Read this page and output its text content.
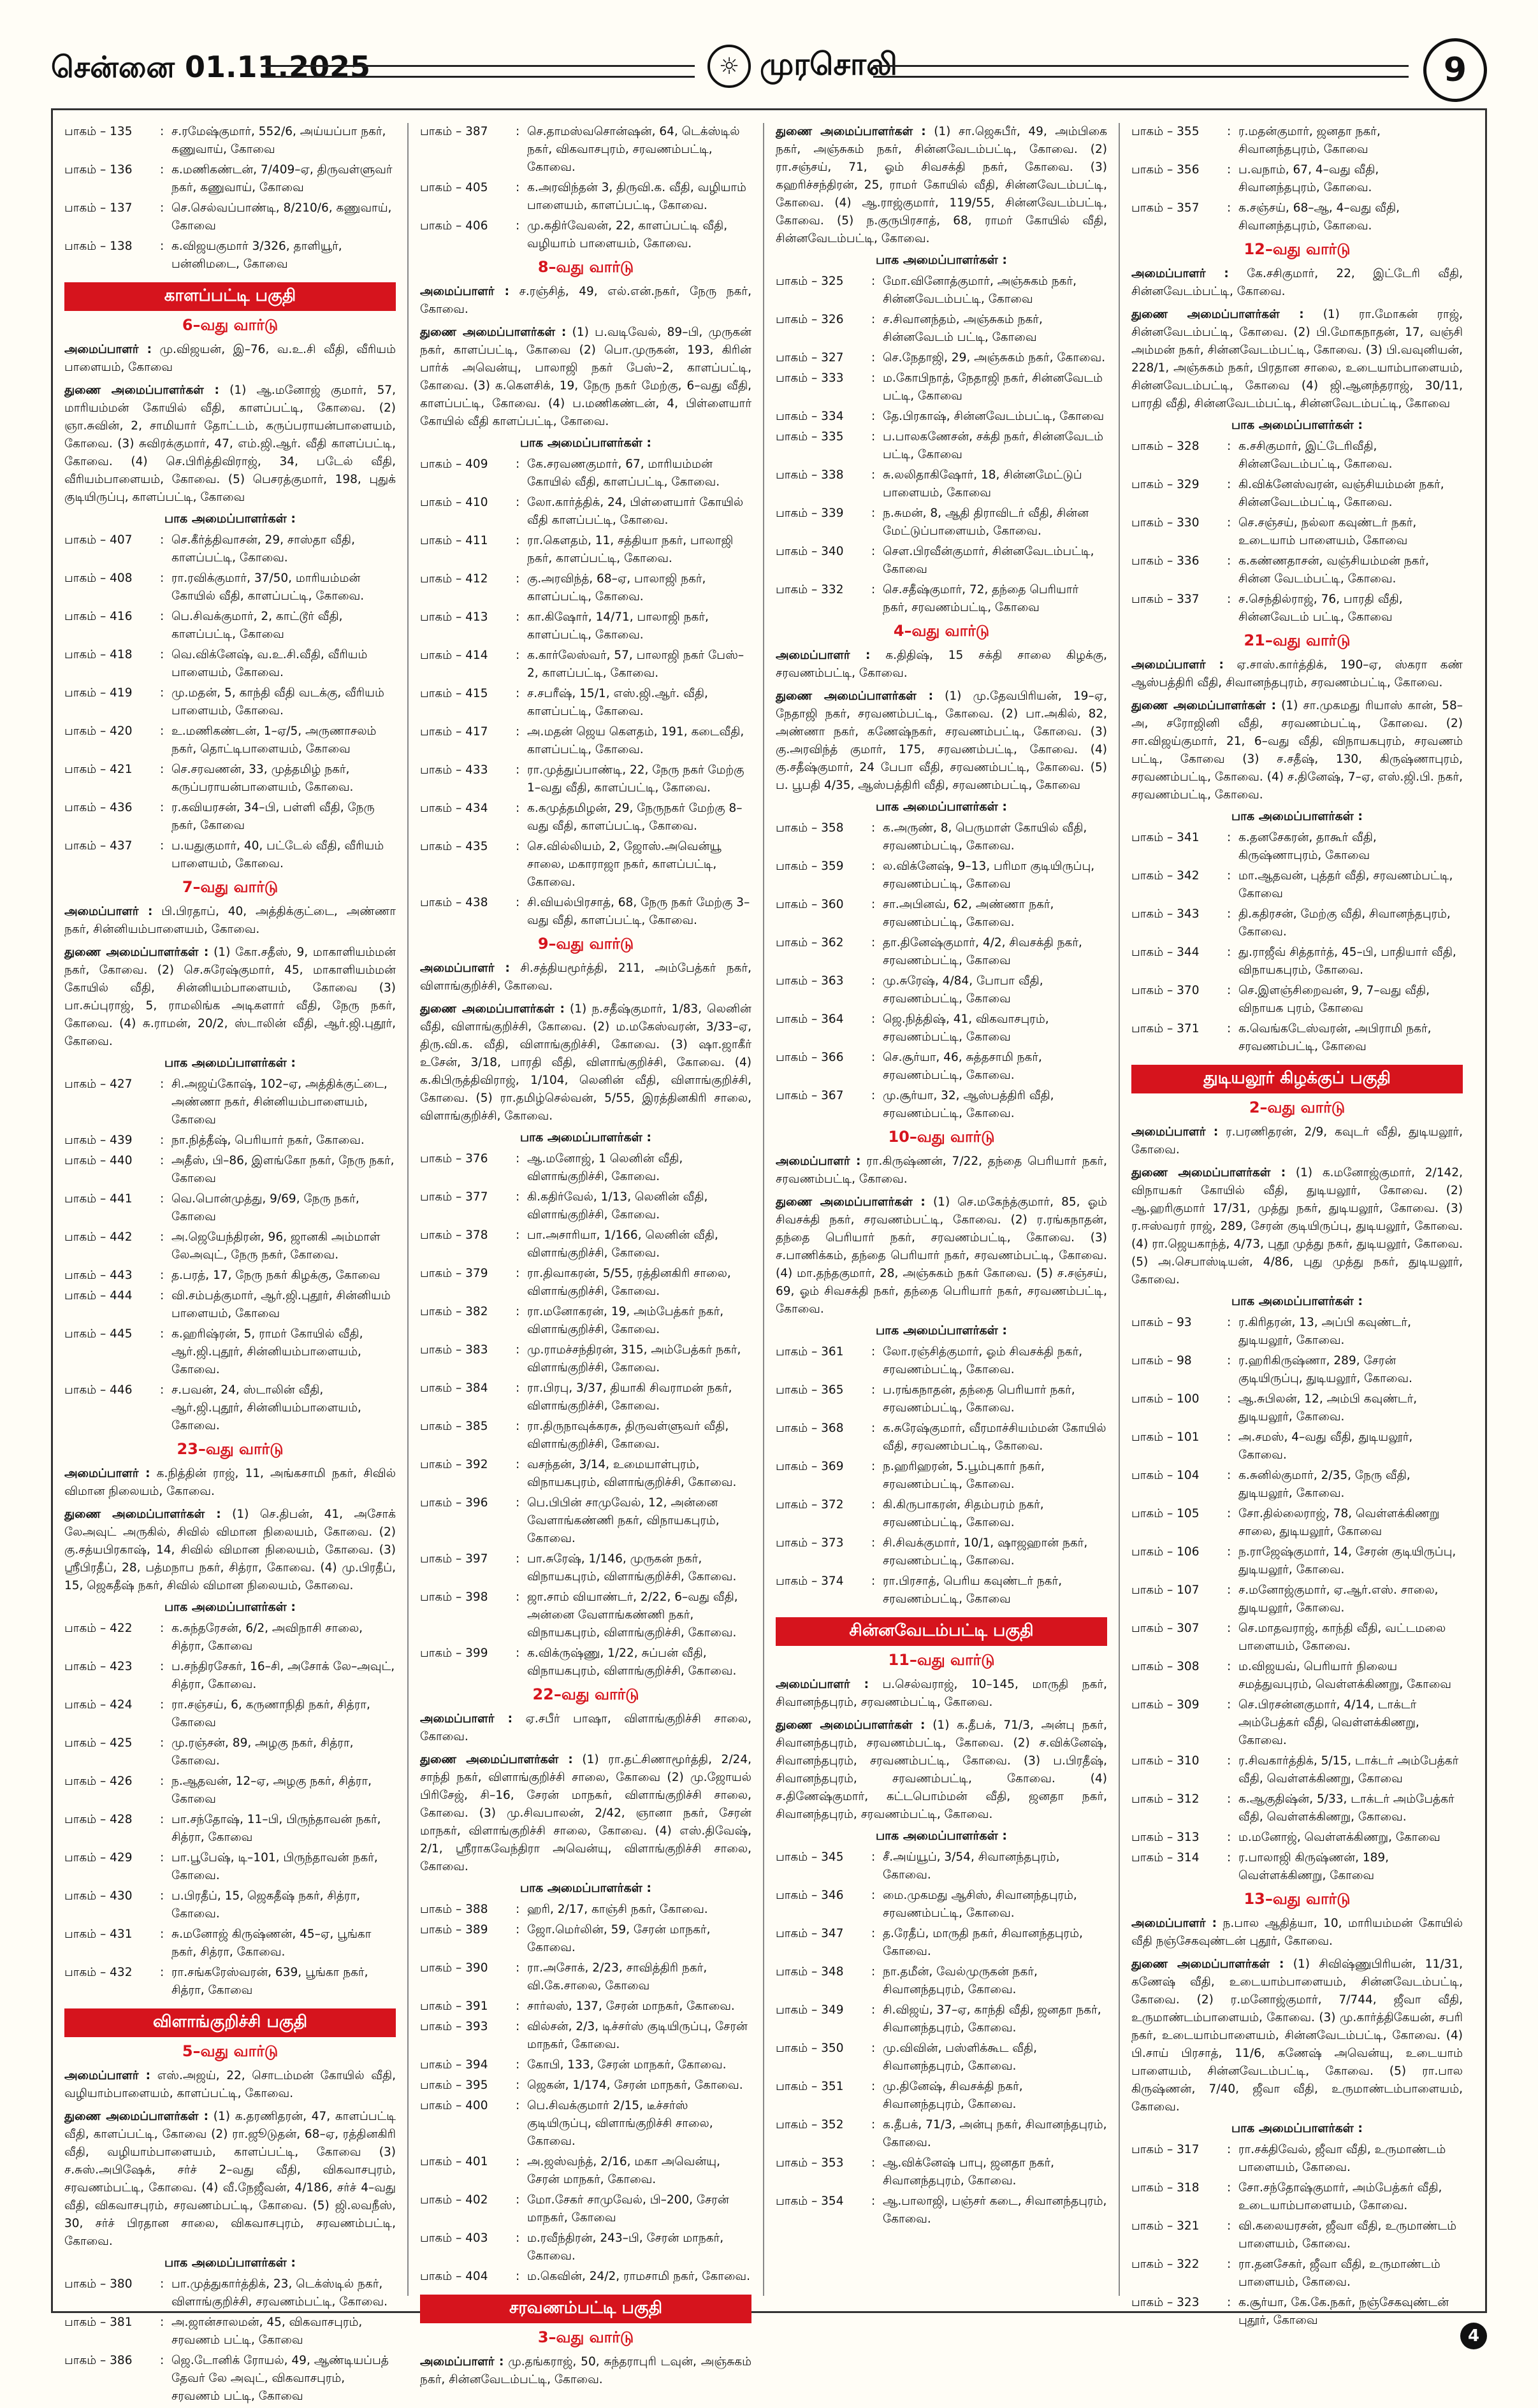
சென்னை 01.11.2025	☼ முரசொலி	9
பாகம் – 135	: ச.ரமேஷ்குமார், 552/6, அய்யப்பா நகர், கணுவாய், கோவை
பாகம் – 136	: க.மணிகண்டன், 7/409–ஏ, திருவள்ளுவர் நகர், கணுவாய், கோவை
பாகம் – 137	: செ.செல்வப்பாண்டி, 8/210/6, கணுவாய், கோவை
பாகம் – 138	: க.விஜயகுமார் 3/326, தாளியூர், பன்னிமடை, கோவை
காளப்பட்டி பகுதி
6–வது வார்டு
அமைப்பாளர் : மு.விஜயன், இ–76, வ.உ.சி வீதி, வீரியம் பாளையம், கோவை
துணை அமைப்பாளர்கள் : (1) ஆ.மனோஜ் குமார், 57, மாரியம்மன் கோயில் வீதி, காளப்பட்டி, கோவை. (2) ஞா.சுவின், 2, சாமியார் தோட்டம், கருப்பராயன்பாளையம், கோவை. (3) சுவிரக்குமார், 47, எம்.ஜி.ஆர். வீதி காளப்பட்டி, கோவை. (4) செ.பிரித்திவிராஜ், 34, படேல் வீதி, வீரியம்பாளையம், கோவை. (5) பெசரத்குமார், 198, புதுக் குடியிருப்பு, காளப்பட்டி, கோவை
பாக அமைப்பாளர்கள் :
பாகம் – 407	: செ.கீர்த்திவாசன், 29, சாஸ்தா வீதி, காளப்பட்டி, கோவை.
பாகம் – 408	: ரா.ரவிக்குமார், 37/50, மாரியம்மன் கோயில் வீதி, காளப்பட்டி, கோவை.
பாகம் – 416	: பெ.சிவக்குமார், 2, காட்டூர் வீதி, காளப்பட்டி, கோவை
பாகம் – 418	: வெ.விக்னேஷ், வ.உ.சி.வீதி, வீரியம் பாளையம், கோவை.
பாகம் – 419	: மு.மதன், 5, காந்தி வீதி வடக்கு, வீரியம் பாளையம், கோவை.
பாகம் – 420	: உ.மணிகண்டன், 1–ஏ/5, அருணாசலம் நகர், தொட்டிபாளையம், கோவை
பாகம் – 421	: செ.சரவணன், 33, முத்தமிழ் நகர், கருப்பராயன்பாளையம், கோவை.
பாகம் – 436	: ர.கவியரசன், 34–பி, பள்ளி வீதி, நேரு நகர், கோவை
பாகம் – 437	: ப.யதுகுமார், 40, பட்டேல் வீதி, வீரியம் பாளையம், கோவை.
7–வது வார்டு
அமைப்பாளர் : பி.பிரதாப், 40, அத்திக்குட்டை, அண்ணா நகர், சின்னியம்பாளையம், கோவை.
துணை அமைப்பாளர்கள் : (1) கோ.சதீஸ், 9, மாகாளியம்மன் நகர், கோவை. (2) செ.சுரேஷ்குமார், 45, மாகாளியம்மன் கோயில் வீதி, சின்னியம்பாளையம், கோவை (3) பா.சுப்புராஜ், 5, ராமலிங்க அடிகளார் வீதி, நேரு நகர், கோவை. (4) சு.ராமன், 20/2, ஸ்டாலின் வீதி, ஆர்.ஜி.புதூர், கோவை.
பாக அமைப்பாளர்கள் :
பாகம் – 427	: சி.அஜய்கோஷ், 102–ஏ, அத்திக்குட்டை, அண்ணா நகர், சின்னியம்பாளையம், கோவை
பாகம் – 439	: நா.நித்தீஷ், பெரியார் நகர், கோவை.
பாகம் – 440	: அதீஸ், பி–86, இளங்கோ நகர், நேரு நகர், கோவை
பாகம் – 441	: வெ.பொன்முத்து, 9/69, நேரு நகர், கோவை
பாகம் – 442	: அ.ஜெயேந்திரன், 96, ஜானகி அம்மாள் லேஅவுட், நேரு நகர், கோவை.
பாகம் – 443	: த.பரத், 17, நேரு நகர் கிழக்கு, கோவை
பாகம் – 444	: வி.சம்பத்குமார், ஆர்.ஜி.புதூர், சின்னியம் பாளையம், கோவை
பாகம் – 445	: க.ஹரிஷ்ரன், 5, ராமர் கோயில் வீதி, ஆர்.ஜி.புதூர், சின்னியம்பாளையம், கோவை.
பாகம் – 446	: ச.பவன், 24, ஸ்டாலின் வீதி, ஆர்.ஜி.புதூர், சின்னியம்பாளையம், கோவை.
23–வது வார்டு
அமைப்பாளர் : க.நித்தின் ராஜ், 11, அங்கசாமி நகர், சிவில் விமான நிலையம், கோவை.
துணை அமைப்பாளர்கள் : (1) செ.திபன், 41, அசோக் லேஅவுட் அருகில், சிவில் விமான நிலையம், கோவை. (2) கு.சத்யபிரகாஷ், 14, சிவில் விமான நிலையம், கோவை. (3) ஸ்ரீபிரதீப், 28, பத்மநாப நகர், சித்ரா, கோவை. (4) மு.பிரதீப், 15, ஜெகதீஷ் நகர், சிவில் விமான நிலையம், கோவை.
பாக அமைப்பாளர்கள் :
பாகம் – 422	: க.சுந்தரேசன், 6/2, அவிநாசி சாலை, சித்ரா, கோவை
பாகம் – 423	: ப.சந்திரசேகர், 16–சி, அசோக் லே–அவுட், சித்ரா, கோவை.
பாகம் – 424	: ரா.சஞ்சய், 6, கருணாநிதி நகர், சித்ரா, கோவை
பாகம் – 425	: மு.ரஞ்சன், 89, அழகு நகர், சித்ரா, கோவை.
பாகம் – 426	: ந.ஆதவன், 12–ஏ, அழகு நகர், சித்ரா, கோவை
பாகம் – 428	: பா.சந்தோஷ், 11–பி, பிருந்தாவன் நகர், சித்ரா, கோவை
பாகம் – 429	: பா.பூபேஷ், டி–101, பிருந்தாவன் நகர், கோவை.
பாகம் – 430	: ப.பிரதீப், 15, ஜெகதீஷ் நகர், சித்ரா, கோவை.
பாகம் – 431	: சு.மனோஜ் கிருஷ்ணன், 45–ஏ, பூங்கா நகர், சித்ரா, கோவை.
பாகம் – 432	: ரா.சங்கரேஸ்வரன், 639, பூங்கா நகர், சித்ரா, கோவை
விளாங்குறிச்சி பகுதி
5–வது வார்டு
அமைப்பாளர் : எஸ்.அஜய், 22, சொடம்மன் கோயில் வீதி, வழியாம்பாளையம், காளப்பட்டி, கோவை.
துணை அமைப்பாளர்கள் : (1) க.தரணிதரன், 47, காளப்பட்டி வீதி, காளப்பட்டி, கோவை (2) ரா.ஜூடுதன், 68–ஏ, ரத்தினகிரி வீதி, வழியாம்பாளையம், காளப்பட்டி, கோவை (3) ச.சுஸ்.அபிஷேக், சர்ச் 2–வது வீதி, விகவாசபுரம், சரவணம்பட்டி, கோவை. (4) வீ.நேஜீவன், 4/186, சர்ச் 4–வது வீதி, விகவாசபுரம், சரவணம்பட்டி, கோவை. (5) ஜி.லவநீஸ், 30, சர்ச் பிரதான சாலை, விகவாசபுரம், சரவணம்பட்டி, கோவை.
பாக அமைப்பாளர்கள் :
பாகம் – 380	: பா.முத்துகார்த்திக், 23, டெக்ஸ்டில் நகர், விளாங்குறிச்சி, சரவணம்பட்டி, கோவை.
பாகம் – 381	: அ.ஜான்சாலமன், 45, விகவாசபுரம், சரவணம் பட்டி, கோவை
பாகம் – 386	: ஜெ.டோனிக் ரோயல், 49, ஆண்டியப்பத் தேவர் லே அவுட், விகவாசபுரம், சரவணம் பட்டி, கோவை
பாகம் – 387	: செ.தாமஸ்வசொன்ஷன், 64, டெக்ஸ்டில் நகர், விகவாசபுரம், சரவணம்பட்டி, கோவை.
பாகம் – 405	: க.அரவிந்தன் 3, திருவி.க. வீதி, வழியாம் பாளையம், காளப்பட்டி, கோவை.
பாகம் – 406	: மு.கதிர்வேலன், 22, காளப்பட்டி வீதி, வழியாம் பாளையம், கோவை.
8–வது வார்டு
அமைப்பாளர் : ச.ரஞ்சித், 49, எல்.என்.நகர், நேரு நகர், கோவை.
துணை அமைப்பாளர்கள் : (1) ப.வடிவேல், 89–பி, முருகன் நகர், காளப்பட்டி, கோவை (2) பொ.முருகன், 193, கிரின் பார்க் அவென்யு, பாலாஜி நகர் பேஸ்–2, காளப்பட்டி, கோவை. (3) க.கௌசிக், 19, நேரு நகர் மேற்கு, 6–வது வீதி, காளப்பட்டி, கோவை. (4) ப.மணிகண்டன், 4, பிள்ளையார் கோயில் வீதி காளப்பட்டி, கோவை.
பாக அமைப்பாளர்கள் :
பாகம் – 409	: கே.சரவணகுமார், 67, மாரியம்மன் கோயில் வீதி, காளப்பட்டி, கோவை.
பாகம் – 410	: லோ.கார்த்திக், 24, பிள்ளையார் கோயில் வீதி காளப்பட்டி, கோவை.
பாகம் – 411	: ரா.கௌதம், 11, சத்தியா நகர், பாலாஜி நகர், காளப்பட்டி, கோவை.
பாகம் – 412	: கு.அரவிந்த், 68–ஏ, பாலாஜி நகர், காளப்பட்டி, கோவை.
பாகம் – 413	: கா.கிஷோர், 14/71, பாலாஜி நகர், காளப்பட்டி, கோவை.
பாகம் – 414	: க.கார்லேஸ்வர், 57, பாலாஜி நகர் பேஸ்–2, காளப்பட்டி, கோவை.
பாகம் – 415	: ச.சபரீஷ், 15/1, எஸ்.ஜி.ஆர். வீதி, காளப்பட்டி, கோவை.
பாகம் – 417	: அ.மதன் ஜெய கௌதம், 191, கடைவீதி, காளப்பட்டி, கோவை.
பாகம் – 433	: ரா.முத்துப்பாண்டி, 22, நேரு நகர் மேற்கு 1–வது வீதி, காளப்பட்டி, கோவை.
பாகம் – 434	: க.கமுத்தமிழன், 29, நேருநகர் மேற்கு 8–வது வீதி, காளப்பட்டி, கோவை.
பாகம் – 435	: செ.வில்லியம், 2, ஜோஸ்.அவென்யூ சாலை, மகாராஜா நகர், காளப்பட்டி, கோவை.
பாகம் – 438	: சி.வியல்பிரசாத், 68, நேரு நகர் மேற்கு 3–வது வீதி, காளப்பட்டி, கோவை.
9–வது வார்டு
அமைப்பாளர் : சி.சத்தியமூர்த்தி, 211, அம்பேத்கர் நகர், விளாங்குறிச்சி, கோவை.
துணை அமைப்பாளர்கள் : (1) ந.சதீஷ்குமார், 1/83, லெனின் வீதி, விளாங்குறிச்சி, கோவை. (2) ம.மகேஸ்வரன், 3/33–ஏ, திரு.வி.க. வீதி, விளாங்குறிச்சி, கோவை. (3) ஷா.ஜாகீர் உசேன், 3/18, பாரதி வீதி, விளாங்குறிச்சி, கோவை. (4) க.கிபிருத்திவிராஜ், 1/104, லெனின் வீதி, விளாங்குறிச்சி, கோவை. (5) ரா.தமிழ்செல்வன், 5/55, இரத்தினகிரி சாலை, விளாங்குறிச்சி, கோவை.
பாக அமைப்பாளர்கள் :
பாகம் – 376	: ஆ.மனோஜ், 1 லெனின் வீதி, விளாங்குறிச்சி, கோவை.
பாகம் – 377	: கி.கதிர்வேல், 1/13, லெனின் வீதி, விளாங்குறிச்சி, கோவை.
பாகம் – 378	: பா.அசாரியா, 1/166, லெனின் வீதி, விளாங்குறிச்சி, கோவை.
பாகம் – 379	: ரா.திவாகரன், 5/55, ரத்தினகிரி சாலை, விளாங்குறிச்சி, கோவை.
பாகம் – 382	: ரா.மனோகரன், 19, அம்பேத்கர் நகர், விளாங்குறிச்சி, கோவை.
பாகம் – 383	: மு.ராமச்சந்திரன், 315, அம்பேத்கர் நகர், விளாங்குறிச்சி, கோவை.
பாகம் – 384	: ரா.பிரபு, 3/37, தியாகி சிவராமன் நகர், விளாங்குறிச்சி, கோவை.
பாகம் – 385	: ரா.திருநாவுக்கரசு, திருவள்ளுவர் வீதி, விளாங்குறிச்சி, கோவை.
பாகம் – 392	: வசந்தன், 3/14, உமையாள்புரம், விநாயகபுரம், விளாங்குறிச்சி, கோவை.
பாகம் – 396	: பெ.பிபின் சாமுவேல், 12, அன்னை வேளாங்கண்ணி நகர், விநாயகபுரம், கோவை.
பாகம் – 397	: பா.சுரேஷ், 1/146, முருகன் நகர், விநாயகபுரம், விளாங்குறிச்சி, கோவை.
பாகம் – 398	: ஜா.சாம் வியாண்டர், 2/22, 6–வது வீதி, அன்னை வேளாங்கண்ணி நகர், விநாயகபுரம், விளாங்குறிச்சி, கோவை.
பாகம் – 399	: க.விக்ருஷ்ணு, 1/22, சுப்பன் வீதி, விநாயகபுரம், விளாங்குறிச்சி, கோவை.
22–வது வார்டு
அமைப்பாளர் : ஏ.சபீர் பாஷா, விளாங்குறிச்சி சாலை, கோவை.
துணை அமைப்பாளர்கள் : (1) ரா.தட்சிணாமூர்த்தி, 2/24, சாந்தி நகர், விளாங்குறிச்சி சாலை, கோவை (2) மு.ஜோயல் பிரிசேஜ், சி–16, சேரன் மாநகர், விளாங்குறிச்சி சாலை, கோவை. (3) மு.சிவபாலன், 2/42, ஞானா நகர், சேரன் மாநகர், விளாங்குறிச்சி சாலை, கோவை. (4) எஸ்.திவேஷ், 2/1, ஸ்ரீராகவேந்திரா அவென்யு, விளாங்குறிச்சி சாலை, கோவை.
பாக அமைப்பாளர்கள் :
பாகம் – 388	: ஹரி, 2/17, காஞ்சி நகர், கோவை.
பாகம் – 389	: ஜோ.மெர்லின், 59, சேரன் மாநகர், கோவை.
பாகம் – 390	: ரா.அசோக், 2/23, சாவித்திரி நகர், வி.கே.சாலை, கோவை
பாகம் – 391	: சார்லஸ், 137, சேரன் மாநகர், கோவை.
பாகம் – 393	: வில்சன், 2/3, டிச்சர்ஸ் குடியிருப்பு, சேரன் மாநகர், கோவை.
பாகம் – 394	: கோபி, 133, சேரன் மாநகர், கோவை.
பாகம் – 395	: ஜெகன், 1/174, சேரன் மாநகர், கோவை.
பாகம் – 400	: பெ.சிவக்குமார் 2/15, டீச்சர்ஸ் குடியிருப்பு, விளாங்குறிச்சி சாலை, கோவை.
பாகம் – 401	: அ.ஜஸ்வந்த், 2/16, மகா அவென்யு, சேரன் மாநகர், கோவை.
பாகம் – 402	: மோ.சேகர் சாமுவேல், பி–200, சேரன் மாநகர், கோவை
பாகம் – 403	: ம.ரவீந்திரன், 243–பி, சேரன் மாநகர், கோவை.
பாகம் – 404	: ம.கெவின், 24/2, ராமசாமி நகர், கோவை.
சரவணம்பட்டி பகுதி
3–வது வார்டு
அமைப்பாளர் : மு.தங்கராஜ், 50, சுந்தராபுரி டவுன், அஞ்சுகம் நகர், சின்னவேடம்பட்டி, கோவை.
துணை அமைப்பாளர்கள் : (1) சா.ஜெசுபீர், 49, அம்பிகை நகர், அஞ்சுகம் நகர், சின்னவேடம்பட்டி, கோவை. (2) ரா.சஞ்சய், 71, ஓம் சிவசக்தி நகர், கோவை. (3) கஹரிச்சந்திரன், 25, ராமர் கோயில் வீதி, சின்னவேடம்பட்டி, கோவை. (4) ஆ.ராஜ்குமார், 119/55, சின்னவேடம்பட்டி, கோவை. (5) ந.குருபிரசாத், 68, ராமர் கோயில் வீதி, சின்னவேடம்பட்டி, கோவை.
பாக அமைப்பாளர்கள் :
பாகம் – 325	: மோ.வினோத்குமார், அஞ்சுகம் நகர், சின்னவேடம்பட்டி, கோவை
பாகம் – 326	: ச.சிவானந்தம், அஞ்சுகம் நகர், சின்னவேடம் பட்டி, கோவை
பாகம் – 327	: செ.நேதாஜி, 29, அஞ்சுகம் நகர், கோவை.
பாகம் – 333	: ம.கோபிநாத், நேதாஜி நகர், சின்னவேடம் பட்டி, கோவை
பாகம் – 334	: தே.பிரகாஷ், சின்னவேடம்பட்டி, கோவை
பாகம் – 335	: ப.பாலகணேசன், சக்தி நகர், சின்னவேடம் பட்டி, கோவை
பாகம் – 338	: சு.லலிதாகிஷோர், 18, சின்னமேட்டுப் பாளையம், கோவை
பாகம் – 339	: ந.சுமன், 8, ஆதி திராவிடர் வீதி, சின்ன மேட்டுப்பாளையம், கோவை.
பாகம் – 340	: சௌ.பிரவீன்குமார், சின்னவேடம்பட்டி, கோவை
பாகம் – 332	: செ.சதீஷ்குமார், 72, தந்தை பெரியார் நகர், சரவணம்பட்டி, கோவை
4–வது வார்டு
அமைப்பாளர் : க.திதிஷ், 15 சக்தி சாலை கிழக்கு, சரவணம்பட்டி, கோவை.
துணை அமைப்பாளர்கள் : (1) மு.தேவபிரியன், 19–ஏ, நேதாஜி நகர், சரவணம்பட்டி, கோவை. (2) பா.அகில், 82, அண்ணா நகர், கணேஷ்நகர், சரவணம்பட்டி, கோவை. (3) கு.அரவிந்த் குமார், 175, சரவணம்பட்டி, கோவை. (4) கு.சதீஷ்குமார், 24 பேபா வீதி, சரவணம்பட்டி, கோவை. (5) ப. பூபதி 4/35, ஆஸ்பத்திரி வீதி, சரவணம்பட்டி, கோவை
பாக அமைப்பாளர்கள் :
பாகம் – 358	: க.அருண், 8, பெருமாள் கோயில் வீதி, சரவணம்பட்டி, கோவை.
பாகம் – 359	: ல.விக்னேஷ், 9–13, பரிமா குடியிருப்பு, சரவணம்பட்டி, கோவை
பாகம் – 360	: சா.அபினவ், 62, அண்ணா நகர், சரவணம்பட்டி, கோவை.
பாகம் – 362	: தா.தினேஷ்குமார், 4/2, சிவசக்தி நகர், சரவணம்பட்டி, கோவை
பாகம் – 363	: மு.சுரேஷ், 4/84, போபா வீதி, சரவணம்பட்டி, கோவை
பாகம் – 364	: ஜெ.நித்திஷ், 41, விகவாசபுரம், சரவணம்பட்டி, கோவை
பாகம் – 366	: செ.சூர்யா, 46, சுத்தசாமி நகர், சரவணம்பட்டி, கோவை.
பாகம் – 367	: மு.சூர்யா, 32, ஆஸ்பத்திரி வீதி, சரவணம்பட்டி, கோவை.
10–வது வார்டு
அமைப்பாளர் : ரா.கிருஷ்ணன், 7/22, தந்தை பெரியார் நகர், சரவணம்பட்டி, கோவை.
துணை அமைப்பாளர்கள் : (1) செ.மகேந்த்குமார், 85, ஓம் சிவசக்தி நகர், சரவணம்பட்டி, கோவை. (2) ர.ரங்கநாதன், தந்தை பெரியார் நகர், சரவணம்பட்டி, கோவை. (3) ச.பாணிக்கம், தந்தை பெரியார் நகர், சரவணம்பட்டி, கோவை. (4) மா.தந்தகுமார், 28, அஞ்சுகம் நகர் கோவை. (5) ச.சஞ்சய், 69, ஓம் சிவசக்தி நகர், தந்தை பெரியார் நகர், சரவணம்பட்டி, கோவை.
பாக அமைப்பாளர்கள் :
பாகம் – 361	: லோ.ரஞ்சித்குமார், ஓம் சிவசக்தி நகர், சரவணம்பட்டி, கோவை.
பாகம் – 365	: ப.ரங்கநாதன், தந்தை பெரியார் நகர், சரவணம்பட்டி, கோவை.
பாகம் – 368	: க.சுரேஷ்குமார், வீரமாச்சியம்மன் கோயில் வீதி, சரவணம்பட்டி, கோவை.
பாகம் – 369	: ந.ஹரிஹரன், 5.பூம்புகார் நகர், சரவணம்பட்டி, கோவை.
பாகம் – 372	: கி.கிருபாகரன், சிதம்பரம் நகர், சரவணம்பட்டி, கோவை.
பாகம் – 373	: சி.சிவக்குமார், 10/1, ஷாஜஹான் நகர், சரவணம்பட்டி, கோவை.
பாகம் – 374	: ரா.பிரசாத், பெரிய கவுண்டர் நகர், சரவணம்பட்டி, கோவை
சின்னவேடம்பட்டி பகுதி
11–வது வார்டு
அமைப்பாளர் : ப.செல்வராஜ், 10–145, மாருதி நகர், சிவானந்தபுரம், சரவணம்பட்டி, கோவை.
துணை அமைப்பாளர்கள் : (1) க.தீபக், 71/3, அன்பு நகர், சிவானந்தபுரம், சரவணம்பட்டி, கோவை. (2) ச.விக்னேஷ், சிவானந்தபுரம், சரவணம்பட்டி, கோவை. (3) ப.பிரதீஷ், சிவானந்தபுரம், சரவணம்பட்டி, கோவை. (4) ச.திணேஷ்குமார், கட்டபொம்மன் வீதி, ஜனதா நகர், சிவானந்தபுரம், சரவணம்பட்டி, கோவை.
பாக அமைப்பாளர்கள் :
பாகம் – 345	: சீ.அய்யூப், 3/54, சிவானந்தபுரம், கோவை.
பாகம் – 346	: மை.முகமது ஆசிஸ், சிவானந்தபுரம், சரவணம்பட்டி, கோவை.
பாகம் – 347	: த.ரேதீப், மாருதி நகர், சிவானந்தபுரம், கோவை.
பாகம் – 348	: நா.தமீன், வேல்முருகன் நகர், சிவானந்தபுரம், கோவை.
பாகம் – 349	: சி.விஜய், 37–ஏ, காந்தி வீதி, ஜனதா நகர், சிவானந்தபுரம், கோவை.
பாகம் – 350	: மு.விவின், பஸ்ளிக்கூட வீதி, சிவானந்தபுரம், கோவை.
பாகம் – 351	: மு.தினேஷ், சிவசக்தி நகர், சிவானந்தபுரம், கோவை.
பாகம் – 352	: க.தீபக், 71/3, அன்பு நகர், சிவானந்தபுரம், கோவை.
பாகம் – 353	: ஆ.விக்னேஷ் பாபு, ஜனதா நகர், சிவானந்தபுரம், கோவை.
பாகம் – 354	: ஆ.பாலாஜி, பஞ்சர் கடை, சிவானந்தபுரம், கோவை.
பாகம் – 355	: ர.மதன்குமார், ஜனதா நகர், சிவானந்தபுரம், கோவை
பாகம் – 356	: ப.வநாம், 67, 4–வது வீதி, சிவானந்தபுரம், கோவை.
பாகம் – 357	: க.சஞ்சய், 68–ஆ, 4–வது வீதி, சிவானந்தபுரம், கோவை.
12–வது வார்டு
அமைப்பாளர் : கே.சசிகுமார், 22, இட்டேரி வீதி, சின்னவேடம்பட்டி, கோவை.
துணை அமைப்பாளர்கள் : (1) ரா.மோகன் ராஜ், சின்னவேடம்பட்டி, கோவை. (2) பி.மோகநாதன், 17, வஞ்சி அம்மன் நகர், சின்னவேடம்பட்டி, கோவை. (3) பி.வவுனியன், 228/1, அஞ்சுகம் நகர், பிரதான சாலை, உடையாம்பாளையம், சின்னவேடம்பட்டி, கோவை (4) ஜி.ஆனந்தராஜ், 30/11, பாரதி வீதி, சின்னவேடம்பட்டி, சின்னவேடம்பட்டி, கோவை
பாக அமைப்பாளர்கள் :
பாகம் – 328	: க.சசிகுமார், இட்டேரிவீதி, சின்னவேடம்பட்டி, கோவை.
பாகம் – 329	: கி.விக்னேஸ்வரன், வஞ்சியம்மன் நகர், சின்னவேடம்பட்டி, கோவை.
பாகம் – 330	: செ.சஞ்சய், நல்லா கவுண்டர் நகர், உடையாம் பாளையம், கோவை
பாகம் – 336	: க.கண்ணதாசன், வஞ்சியம்மன் நகர், சின்ன வேடம்பட்டி, கோவை.
பாகம் – 337	: ச.செந்தில்ராஜ், 76, பாரதி வீதி, சின்னவேடம் பட்டி, கோவை
21–வது வார்டு
அமைப்பாளர் : ஏ.சாஸ்.கார்த்திக், 190–ஏ, ஸ்கரா கண் ஆஸ்பத்திரி வீதி, சிவானந்தபுரம், சரவணம்பட்டி, கோவை.
துணை அமைப்பாளர்கள் : (1) சா.முகமது ரியாஸ் கான், 58–அ, சரோஜினி வீதி, சரவணம்பட்டி, கோவை. (2) சா.விஜய்குமார், 21, 6–வது வீதி, விநாயகபுரம், சரவணம் பட்டி, கோவை (3) ச.சதீஷ், 130, கிருஷ்ணாபுரம், சரவணம்பட்டி, கோவை. (4) ச.தினேஷ், 7–ஏ, எஸ்.ஜி.பி. நகர், சரவணம்பட்டி, கோவை.
பாக அமைப்பாளர்கள் :
பாகம் – 341	: க.தனசேகரன், தாகூர் வீதி, கிருஷ்ணாபுரம், கோவை
பாகம் – 342	: மா.ஆதவன், புத்தர் வீதி, சரவணம்பட்டி, கோவை
பாகம் – 343	: தி.கதிரசன், மேற்கு வீதி, சிவானந்தபுரம், கோவை.
பாகம் – 344	: து.ராஜீவ் சித்தார்த், 45–பி, பாதியார் வீதி, விநாயகபுரம், கோவை.
பாகம் – 370	: செ.இளஞ்சிறைவன், 9, 7–வது வீதி, விநாயக புரம், கோவை
பாகம் – 371	: க.வெங்கடேஸ்வரன், அபிராமி நகர், சரவணம்பட்டி, கோவை
துடியலூர் கிழக்குப் பகுதி
2–வது வார்டு
அமைப்பாளர் : ர.பரணிதரன், 2/9, கவுடர் வீதி, துடியலூர், கோவை.
துணை அமைப்பாளர்கள் : (1) க.மனோஜ்குமார், 2/142, விநாயகர் கோயில் வீதி, துடியலூர், கோவை. (2) ஆ.ஹரிகுமார் 17/31, முத்து நகர், துடியலூர், கோவை. (3) ர.ஈஸ்வரர் ராஜ், 289, சேரன் குடியிருப்பு, துடியலூர், கோவை. (4) ரா.ஜெயகாந்த், 4/73, புதூ முத்து நகர், துடியலூர், கோவை. (5) அ.செபாஸ்டியன், 4/86, புது முத்து நகர், துடியலூர், கோவை.
பாக அமைப்பாளர்கள் :
பாகம் – 93	: ர.கிரிதரன், 13, அப்பி கவுண்டர், துடியலூர், கோவை.
பாகம் – 98	: ர.ஹரிகிருஷ்ணா, 289, சேரன் குடியிருப்பு, துடியலூர், கோவை.
பாகம் – 100	: ஆ.சுபிலன், 12, அம்பி கவுண்டர், துடியலூர், கோவை.
பாகம் – 101	: அ.சமஸ், 4–வது வீதி, துடியலூர், கோவை.
பாகம் – 104	: க.சுனில்குமார், 2/35, நேரு வீதி, துடியலூர், கோவை.
பாகம் – 105	: சோ.தில்லைராஜ், 78, வெள்ளக்கிணறு சாலை, துடியலூர், கோவை
பாகம் – 106	: ந.ராஜேஷ்குமார், 14, சேரன் குடியிருப்பு, துடியலூர், கோவை.
பாகம் – 107	: ச.மனோஜ்குமார், ஏ.ஆர்.எஸ். சாலை, துடியலூர், கோவை.
பாகம் – 307	: செ.மாதவராஜ், காந்தி வீதி, வட்டமலை பாளையம், கோவை.
பாகம் – 308	: ம.விஜயவ், பெரியார் நிலைய சமத்துவபுரம், வெள்ளக்கிணறு, கோவை
பாகம் – 309	: செ.பிரசன்னகுமார், 4/14, டாக்டர் அம்பேத்கர் வீதி, வெள்ளக்கிணறு, கோவை.
பாகம் – 310	: ர.சிவகார்த்திக், 5/15, டாக்டர் அம்பேத்கர் வீதி, வெள்ளக்கிணறு, கோவை
பாகம் – 312	: க.ஆகுதிஷ்ன், 5/33, டாக்டர் அம்பேத்கர் வீதி, வெள்ளக்கிணறு, கோவை.
பாகம் – 313	: ம.மனோஜ், வெள்ளக்கிணறு, கோவை
பாகம் – 314	: ர.பாலாஜி கிருஷ்ணன், 189, வெள்ளக்கிணறு, கோவை
13–வது வார்டு
அமைப்பாளர் : ந.பால ஆதித்யா, 10, மாரியம்மன் கோயில் வீதி நஞ்சேகவுண்டன் புதூர், கோவை.
துணை அமைப்பாளர்கள் : (1) சிவிஷ்ணுபிரியன், 11/31, கணேஷ் வீதி, உடையாம்பாளையம், சின்னவேடம்பட்டி, கோவை. (2) ர.மனோஜ்குமார், 7/744, ஜீவா வீதி, உருமாண்டம்பாளையம், கோவை. (3) மு.கார்த்திகேயன், சபரி நகர், உடையாம்பாளையம், சின்னவேடம்பட்டி, கோவை. (4) பி.சாய் பிரசாத், 11/6, கணேஷ் அவென்யு, உடையாம் பாளையம், சின்னவேடம்பட்டி, கோவை. (5) ரா.பால கிருஷ்ணன், 7/40, ஜீவா வீதி, உருமாண்டம்பாளையம், கோவை.
பாக அமைப்பாளர்கள் :
பாகம் – 317	: ரா.சக்திவேல், ஜீவா வீதி, உருமாண்டம் பாளையம், கோவை.
பாகம் – 318	: சோ.சந்தோஷ்குமார், அம்பேத்கர் வீதி, உடையாம்பாளையம், கோவை.
பாகம் – 321	: வி.கலையரசன், ஜீவா வீதி, உருமாண்டம் பாளையம், கோவை.
பாகம் – 322	: ரா.தனசேகர், ஜீவா வீதி, உருமாண்டம் பாளையம், கோவை.
பாகம் – 323	: க.சூர்யா, கே.கே.நகர், நஞ்சேகவுண்டன் புதூர், கோவை
4
